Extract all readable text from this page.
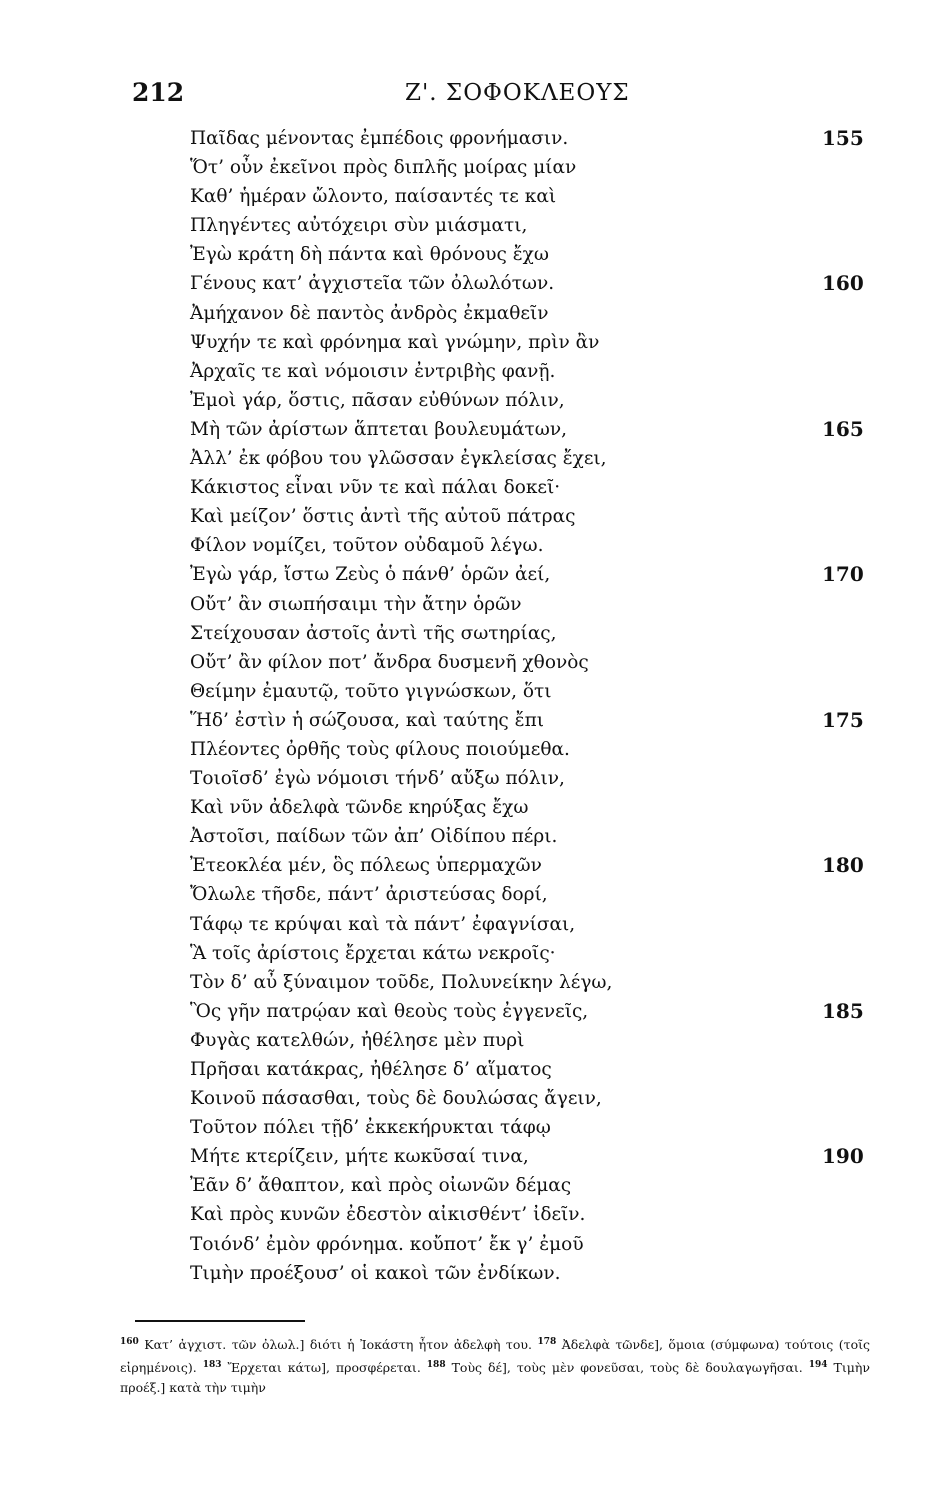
212	Ζ'. ΣΟΦΟΚΛΕΟΥΣ
Παῖδας μένοντας ἐμπέδοις φρονήμασιν.	155
Ὅτ’ οὖν ἐκεῖνοι πρὸς διπλῆς μοίρας μίαν
Καθ’ ἡμέραν ὤλοντο, παίσαντές τε καὶ
Πληγέντες αὐτόχειρι σὺν μιάσματι,
Ἐγὼ κράτη δὴ πάντα καὶ θρόνους ἔχω
Γένους κατ’ ἀγχιστεῖα τῶν ὀλωλότων.	160
Ἀμήχανον δὲ παντὸς ἀνδρὸς ἐκμαθεῖν
Ψυχήν τε καὶ φρόνημα καὶ γνώμην, πρὶν ἂν
Ἀρχαῖς τε καὶ νόμοισιν ἐντριβὴς φανῇ.
Ἐμοὶ γάρ, ὅστις, πᾶσαν εὐθύνων πόλιν,
Μὴ τῶν ἀρίστων ἅπτεται βουλευμάτων,	165
Ἀλλ’ ἐκ φόβου του γλῶσσαν ἐγκλείσας ἔχει,
Κάκιστος εἶναι νῦν τε καὶ πάλαι δοκεῖ·
Καὶ μείζον’ ὅστις ἀντὶ τῆς αὐτοῦ πάτρας
Φίλον νομίζει, τοῦτον οὐδαμοῦ λέγω.
Ἐγὼ γάρ, ἴστω Ζεὺς ὁ πάνθ’ ὁρῶν ἀεί,	170
Οὔτ’ ἂν σιωπήσαιμι τὴν ἄτην ὁρῶν
Στείχουσαν ἀστοῖς ἀντὶ τῆς σωτηρίας,
Οὔτ’ ἂν φίλον ποτ’ ἄνδρα δυσμενῆ χθονὸς
Θείμην ἐμαυτῷ, τοῦτο γιγνώσκων, ὅτι
Ἥδ’ ἐστὶν ἡ σώζουσα, καὶ ταύτης ἔπι	175
Πλέοντες ὀρθῆς τοὺς φίλους ποιούμεθα.
Τοιοῖσδ’ ἐγὼ νόμοισι τήνδ’ αὔξω πόλιν,
Καὶ νῦν ἀδελφὰ τῶνδε κηρύξας ἔχω
Ἀστοῖσι, παίδων τῶν ἀπ’ Οἰδίπου πέρι.
Ἐτεοκλέα μέν, ὃς πόλεως ὑπερμαχῶν	180
Ὄλωλε τῆσδε, πάντ’ ἀριστεύσας δορί,
Τάφῳ τε κρύψαι καὶ τὰ πάντ’ ἐφαγνίσαι,
Ἃ τοῖς ἀρίστοις ἔρχεται κάτω νεκροῖς·
Τὸν δ’ αὖ ξύναιμον τοῦδε, Πολυνείκην λέγω,
Ὃς γῆν πατρῴαν καὶ θεοὺς τοὺς ἐγγενεῖς,	185
Φυγὰς κατελθών, ἠθέλησε μὲν πυρὶ
Πρῆσαι κατάκρας, ἠθέλησε δ’ αἵματος
Κοινοῦ πάσασθαι, τοὺς δὲ δουλώσας ἄγειν,
Τοῦτον πόλει τῇδ’ ἐκκεκήρυκται τάφῳ
Μήτε κτερίζειν, μήτε κωκῦσαί τινα,	190
Ἐᾶν δ’ ἄθαπτον, καὶ πρὸς οἰωνῶν δέμας
Καὶ πρὸς κυνῶν ἐδεστὸν αἰκισθέντ’ ἰδεῖν.
Τοιόνδ’ ἐμὸν φρόνημα. κοὔποτ’ ἔκ γ’ ἐμοῦ
Τιμὴν προέξουσ’ οἱ κακοὶ τῶν ἐνδίκων.

$^{160}$ Κατ’ ἀγχιστ. τῶν ὀλωλ.] διότι ἡ Ἰοκάστη ἦτον ἀδελφὴ του. $^{178}$ Ἀδελφὰ τῶνδε], ὅμοια (σύμφωνα) τούτοις (τοῖς εἰρημένοις). $^{183}$ Ἔρχεται κάτω], προσφέρεται. $^{188}$ Τοὺς δέ], τοὺς μὲν φονεῦσαι, τοὺς δὲ δουλαγωγῆσαι. $^{194}$ Τιμὴν προέξ.] κατὰ τὴν τιμὴν
